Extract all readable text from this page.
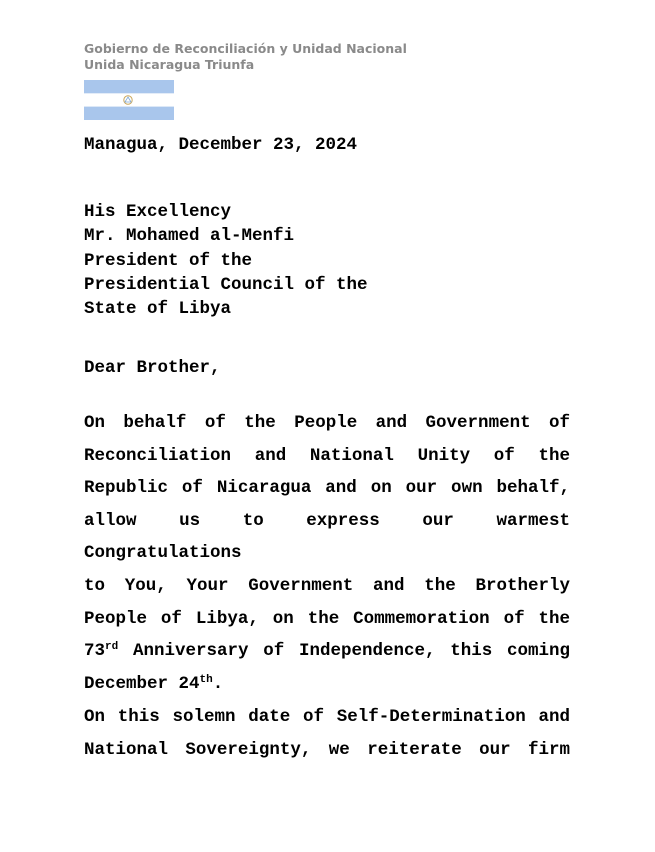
Gobierno de Reconciliación y Unidad Nacional
Unida Nicaragua Triunfa
Managua, December 23, 2024
His Excellency
Mr. Mohamed al-Menfi
President of the
Presidential Council of the
State of Libya
Dear Brother,
On behalf of the People and Government of
Reconciliation and National Unity of the
Republic of Nicaragua and on our own behalf,
allow us to express our warmest Congratulations
to You, Your Government and the Brotherly
People of Libya, on the Commemoration of the
73rd Anniversary of Independence, this coming
December 24th.
On this solemn date of Self-Determination and
National Sovereignty, we reiterate our firm
